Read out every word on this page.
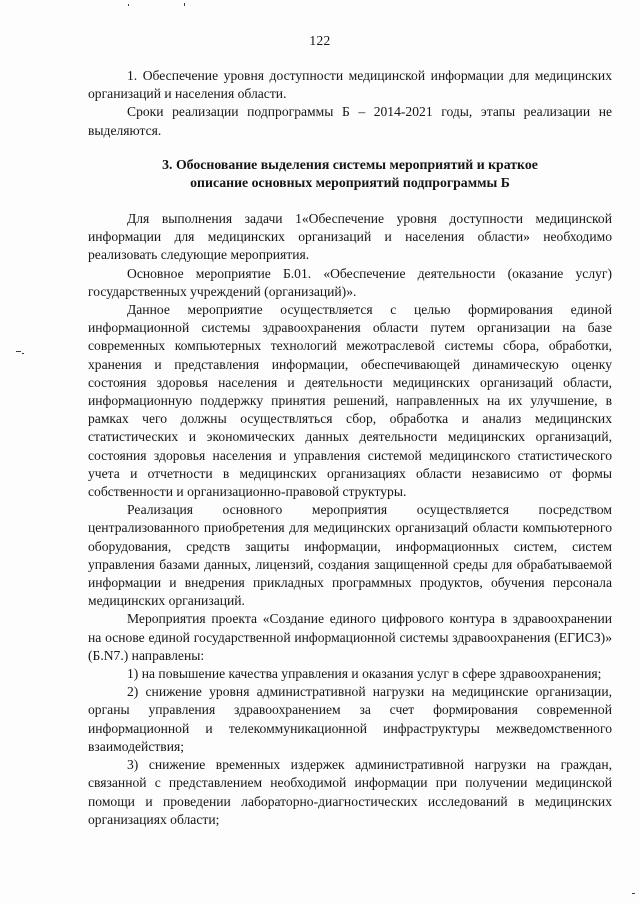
122

1. Обеспечение уровня доступности медицинской информации для медицинских организаций и населения области.

Сроки реализации подпрограммы Б – 2014-2021 годы, этапы реализации не выделяются.

3. Обоснование выделения системы мероприятий и краткое
описание основных мероприятий подпрограммы Б

Для выполнения задачи 1«Обеспечение уровня доступности медицинской информации для медицинских организаций и населения области» необходимо реализовать следующие мероприятия.

Основное мероприятие Б.01. «Обеспечение деятельности (оказание услуг) государственных учреждений (организаций)».

Данное мероприятие осуществляется с целью формирования единой информационной системы здравоохранения области путем организации на базе современных компьютерных технологий межотраслевой системы сбора, обработки, хранения и представления информации, обеспечивающей динамическую оценку состояния здоровья населения и деятельности медицинских организаций области, информационную поддержку принятия решений, направленных на их улучшение, в рамках чего должны осуществляться сбор, обработка и анализ медицинских статистических и экономических данных деятельности медицинских организаций, состояния здоровья населения и управления системой медицинского статистического учета и отчетности в медицинских организациях области независимо от формы собственности и организационно-правовой структуры.

Реализация основного мероприятия осуществляется посредством централизованного приобретения для медицинских организаций области компьютерного оборудования, средств защиты информации, информационных систем, систем управления базами данных, лицензий, создания защищенной среды для обрабатываемой информации и внедрения прикладных программных продуктов, обучения персонала медицинских организаций.

Мероприятия проекта «Создание единого цифрового контура в здравоохранении на основе единой государственной информационной системы здравоохранения (ЕГИСЗ)» (Б.N7.) направлены:

1) на повышение качества управления и оказания услуг в сфере здравоохранения;

2) снижение уровня административной нагрузки на медицинские организации, органы управления здравоохранением за счет формирования современной информационной и телекоммуникационной инфраструктуры межведомственного взаимодействия;

3) снижение временных издержек административной нагрузки на граждан, связанной с представлением необходимой информации при получении медицинской помощи и проведении лабораторно-диагностических исследований в медицинских организациях области;
